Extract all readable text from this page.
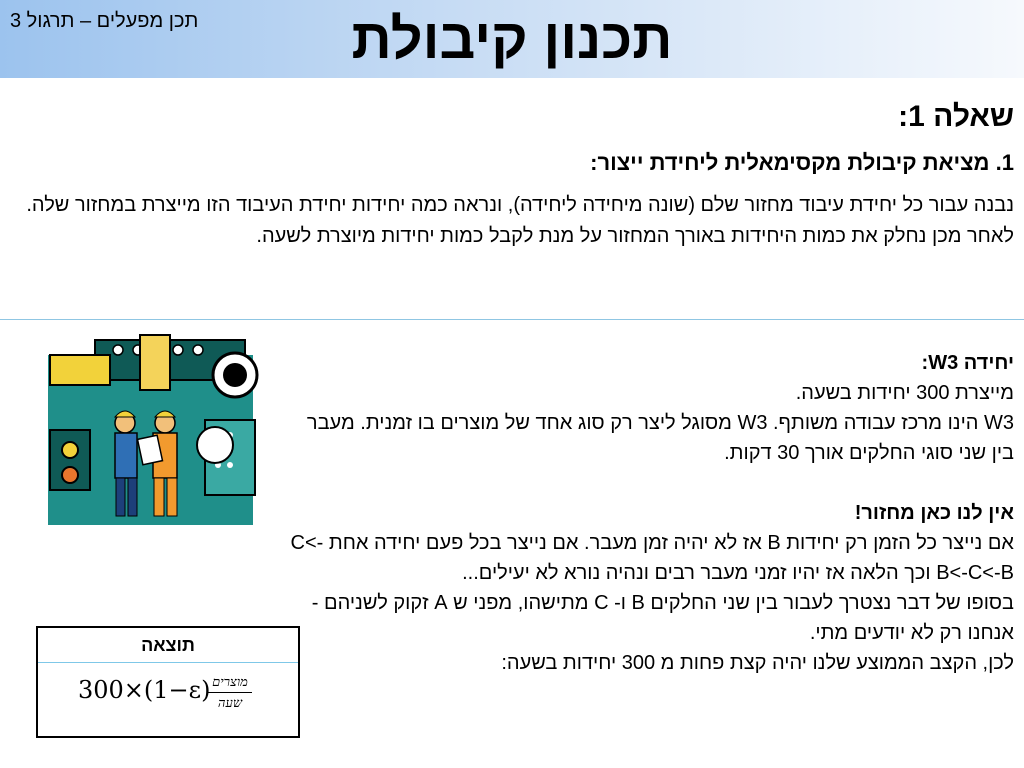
תכן מפעלים – תרגול 3	תכנון קיבולת
שאלה 1:
1. מציאת קיבולת מקסימאלית ליחידת ייצור:
נבנה עבור כל יחידת עיבוד מחזור שלם (שונה מיחידה ליחידה), ונראה כמה יחידות יחידת העיבוד הזו מייצרת במחזור שלה. לאחר מכן נחלק את כמות היחידות באורך המחזור על מנת לקבל כמות יחידות מיוצרת לשעה.

יחידה W3:

מייצרת 300 יחידות בשעה.

W3 הינו מרכז עבודה משותף. W3 מסוגל ליצר רק סוג אחד של מוצרים בו זמנית. מעבר בין שני סוגי החלקים אורך 30 דקות.

אין לנו כאן מחזור!

אם נייצר כל הזמן רק יחידות B אז לא יהיה זמן מעבר. אם נייצר בכל פעם יחידה אחת C<-B<-C<-B וכך הלאה אז יהיו זמני מעבר רבים ונהיה נורא לא יעילים...

בסופו של דבר נצטרך לעבור בין שני החלקים B ו- C מתישהו, מפני ש A זקוק לשניהם - אנחנו רק לא יודעים מתי.

לכן, הקצב הממוצע שלנו יהיה קצת פחות מ 300 יחידות בשעה:

תוצאה
300×(1−ε) מוצרים
שעה
